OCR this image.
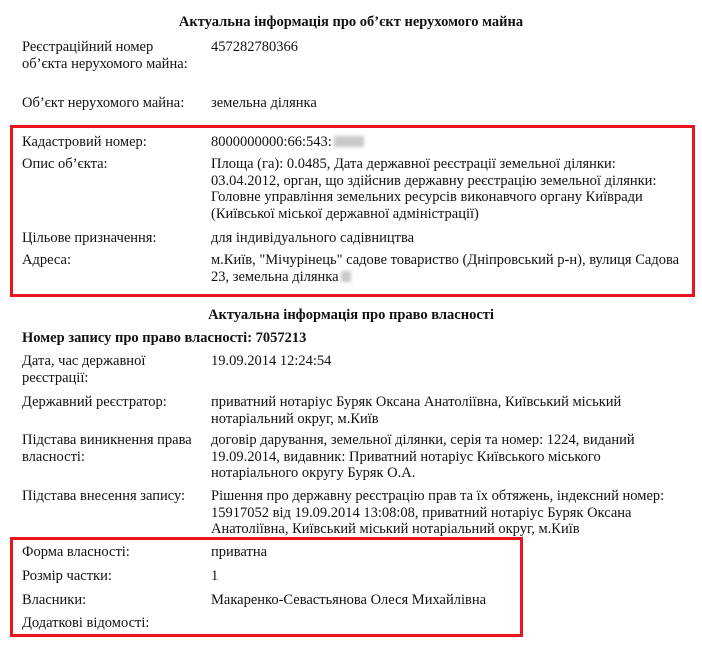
Актуальна інформація про об’єкт нерухомого майна
Реєстраційний номер об’єкта нерухомого майна:
457282780366
Об’єкт нерухомого майна:	земельна ділянка
Кадастровий номер:	8000000000:66:543:
Опис об’єкта:	Площа (га): 0.0485, Дата державної реєстрації земельної ділянки: 03.04.2012, орган, що здійснив державну реєстрацію земельної ділянки: Головне управління земельних ресурсів виконавчого органу Київради (Київської міської державної адміністрації)
Цільове призначення:	для індивідуального садівництва
Адреса:	м.Київ, "Мічурінець" садове товариство (Дніпровський р-н), вулиця Садова 23, земельна ділянка
Актуальна інформація про право власності
Номер запису про право власності: 7057213
Дата, час державної реєстрації:
19.09.2014 12:24:54
Державний реєстратор:	приватний нотаріус Буряк Оксана Анатоліївна, Київський міський нотаріальний округ, м.Київ
Підстава виникнення права власності:
договір дарування, земельної ділянки, серія та номер: 1224, виданий 19.09.2014, видавник: Приватний нотаріус Київського міського нотаріального округу Буряк О.А.
Підстава внесення запису:	Рішення про державну реєстрацію прав та їх обтяжень, індексний номер: 15917052 від 19.09.2014 13:08:08, приватний нотаріус Буряк Оксана Анатоліївна, Київський міський нотаріальний округ, м.Київ
Форма власності:	приватна
Розмір частки:	1
Власники:	Макаренко-Севастьянова Олеся Михайлівна
Додаткові відомості:
